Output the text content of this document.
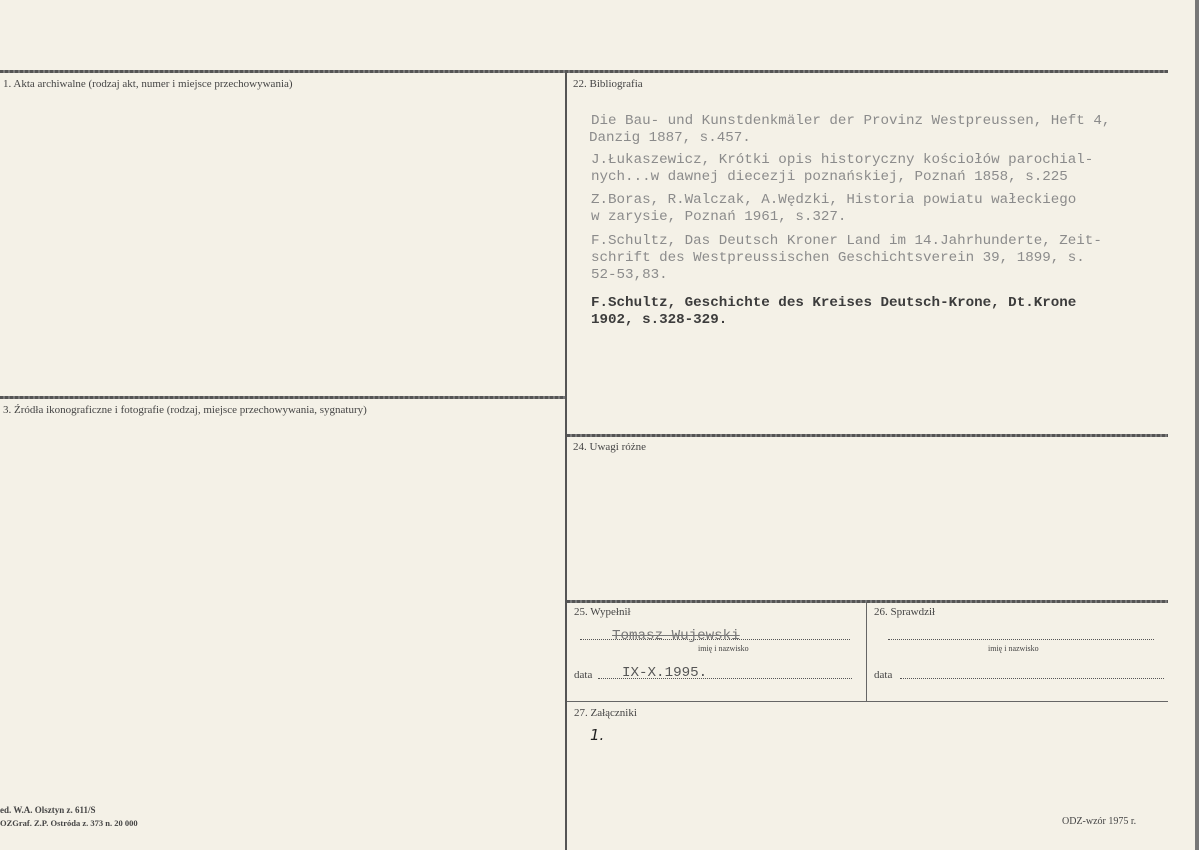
1. Akta archiwalne (rodzaj akt, numer i miejsce przechowywania)
3. Źródła ikonograficzne i fotografie (rodzaj, miejsce przechowywania, sygnatury)
22. Bibliografia
Die Bau- und Kunstdenkmäler der Provinz Westpreussen, Heft 4,
Danzig 1887, s.457.
J.Łukaszewicz, Krótki opis historyczny kościołów parochial-
nych...w dawnej diecezji poznańskiej, Poznań 1858, s.225
Z.Boras, R.Walczak, A.Wędzki, Historia powiatu wałeckiego
w zarysie, Poznań 1961, s.327.
F.Schultz, Das Deutsch Kroner Land im 14.Jahrhunderte, Zeit-
schrift des Westpreussischen Geschichtsverein 39, 1899, s.
52-53,83.
F.Schultz, Geschichte des Kreises Deutsch-Krone, Dt.Krone
1902, s.328-329.
24. Uwagi różne
25. Wypełnił
Tomasz Wujewski
imię i nazwisko
data IX-X.1995.
26. Sprawdził
imię i nazwisko
data
27. Załączniki
1.
ed. W.A. Olsztyn z. 611/S
OZGraf. Z.P. Ostróda z. 373 n. 20 000	ODZ-wzór 1975 r.
